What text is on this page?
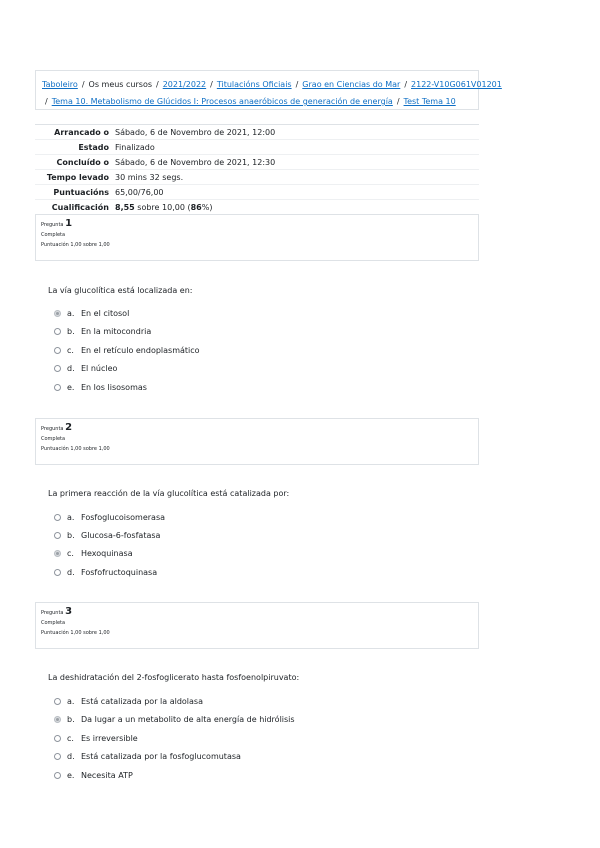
Taboleiro / Os meus cursos / 2021/2022 / Titulacións Oficiais / Grao en Ciencias do Mar / 2122-V10G061V01201
/ Tema 10. Metabolismo de Glúcidos I: Procesos anaeróbicos de generación de energía / Test Tema 10
Arrancado o Sábado, 6 de Novembro de 2021, 12:00
Estado Finalizado
Concluído o Sábado, 6 de Novembro de 2021, 12:30
Tempo levado 30 mins 32 segs.
Puntuacións 65,00/76,00
Cualificación 8,55 sobre 10,00 (86%)
Pregunta 1
Completa
Puntuación 1,00 sobre 1,00
La vía glucolítica está localizada en:
a. En el citosol
b. En la mitocondria
c. En el retículo endoplasmático
d. El núcleo
e. En los lisosomas
Pregunta 2
Completa
Puntuación 1,00 sobre 1,00
La primera reacción de la vía glucolítica está catalizada por:
a. Fosfoglucoisomerasa
b. Glucosa-6-fosfatasa
c. Hexoquinasa
d. Fosfofructoquinasa
Pregunta 3
Completa
Puntuación 1,00 sobre 1,00
La deshidratación del 2-fosfoglicerato hasta fosfoenolpiruvato:
a. Está catalizada por la aldolasa
b. Da lugar a un metabolito de alta energía de hidrólisis
c. Es irreversible
d. Está catalizada por la fosfoglucomutasa
e. Necesita ATP
